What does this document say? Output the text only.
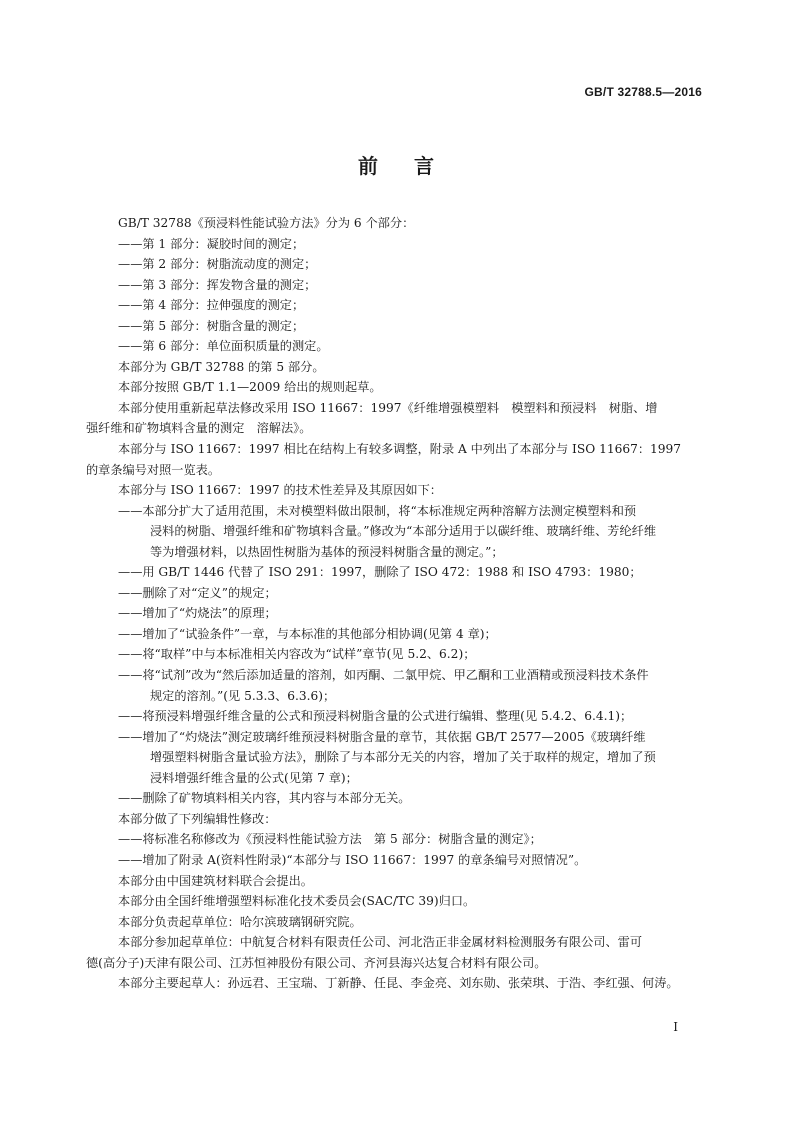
GB/T 32788.5—2016
前 言
GB/T 32788《预浸料性能试验方法》分为 6 个部分：
——第 1 部分：凝胶时间的测定；
——第 2 部分：树脂流动度的测定；
——第 3 部分：挥发物含量的测定；
——第 4 部分：拉伸强度的测定；
——第 5 部分：树脂含量的测定；
——第 6 部分：单位面积质量的测定。
本部分为 GB/T 32788 的第 5 部分。
本部分按照 GB/T 1.1—2009 给出的规则起草。
本部分使用重新起草法修改采用 ISO 11667：1997《纤维增强模塑料　模塑料和预浸料　树脂、增
强纤维和矿物填料含量的测定　溶解法》。
本部分与 ISO 11667：1997 相比在结构上有较多调整，附录 A 中列出了本部分与 ISO 11667：1997
的章条编号对照一览表。
本部分与 ISO 11667：1997 的技术性差异及其原因如下：
——本部分扩大了适用范围，未对模塑料做出限制，将“本标准规定两种溶解方法测定模塑料和预
浸料的树脂、增强纤维和矿物填料含量。”修改为“本部分适用于以碳纤维、玻璃纤维、芳纶纤维
等为增强材料，以热固性树脂为基体的预浸料树脂含量的测定。”；
——用 GB/T 1446 代替了 ISO 291：1997，删除了 ISO 472：1988 和 ISO 4793：1980；
——删除了对“定义”的规定；
——增加了“灼烧法”的原理；
——增加了“试验条件”一章，与本标准的其他部分相协调(见第 4 章)；
——将“取样”中与本标准相关内容改为“试样”章节(见 5.2、6.2)；
——将“试剂”改为“然后添加适量的溶剂，如丙酮、二氯甲烷、甲乙酮和工业酒精或预浸料技术条件
规定的溶剂。”(见 5.3.3、6.3.6)；
——将预浸料增强纤维含量的公式和预浸料树脂含量的公式进行编辑、整理(见 5.4.2、6.4.1)；
——增加了“灼烧法”测定玻璃纤维预浸料树脂含量的章节，其依据 GB/T 2577—2005《玻璃纤维
增强塑料树脂含量试验方法》，删除了与本部分无关的内容，增加了关于取样的规定，增加了预
浸料增强纤维含量的公式(见第 7 章)；
——删除了矿物填料相关内容，其内容与本部分无关。
本部分做了下列编辑性修改：
——将标准名称修改为《预浸料性能试验方法　第 5 部分：树脂含量的测定》；
——增加了附录 A(资料性附录)“本部分与 ISO 11667：1997 的章条编号对照情况”。
本部分由中国建筑材料联合会提出。
本部分由全国纤维增强塑料标准化技术委员会(SAC/TC 39)归口。
本部分负责起草单位：哈尔滨玻璃钢研究院。
本部分参加起草单位：中航复合材料有限责任公司、河北浩正非金属材料检测服务有限公司、雷可
德(高分子)天津有限公司、江苏恒神股份有限公司、齐河县海兴达复合材料有限公司。
本部分主要起草人：孙远君、王宝瑞、丁新静、任昆、李金亮、刘东勋、张荣琪、于浩、李红强、何涛。
I
